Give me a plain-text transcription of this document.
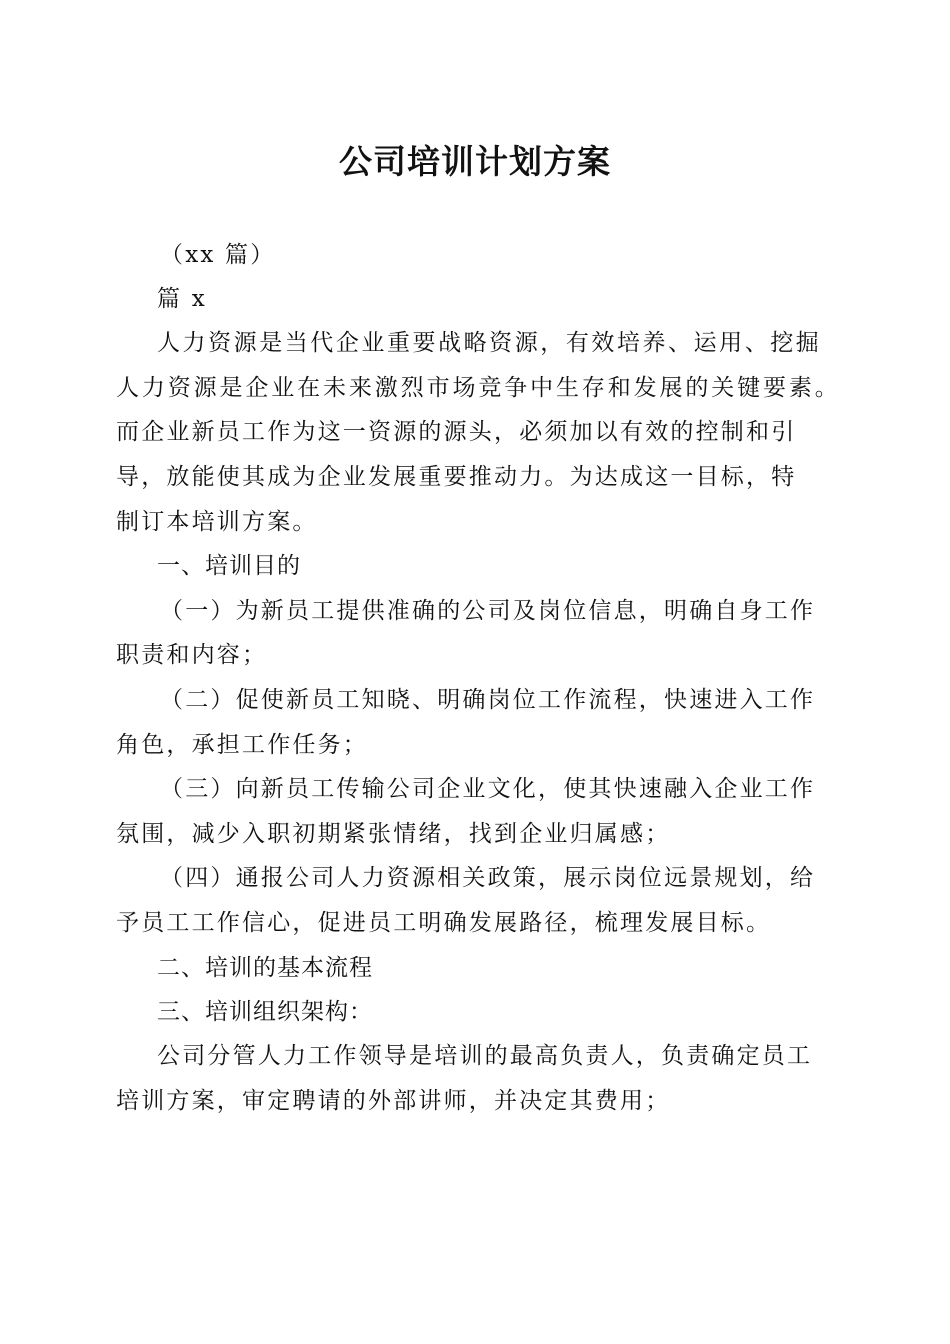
公司培训计划方案
（xx 篇）
篇 x
人力资源是当代企业重要战略资源，有效培养、运用、挖掘
人力资源是企业在未来激烈市场竞争中生存和发展的关键要素。
而企业新员工作为这一资源的源头，必须加以有效的控制和引
导，放能使其成为企业发展重要推动力。为达成这一目标，特
制订本培训方案。
一、培训目的
（一）为新员工提供准确的公司及岗位信息，明确自身工作
职责和内容；
（二）促使新员工知晓、明确岗位工作流程，快速进入工作
角色，承担工作任务；
（三）向新员工传输公司企业文化，使其快速融入企业工作
氛围，减少入职初期紧张情绪，找到企业归属感；
（四）通报公司人力资源相关政策，展示岗位远景规划，给
予员工工作信心，促进员工明确发展路径，梳理发展目标。
二、培训的基本流程
三、培训组织架构：
公司分管人力工作领导是培训的最高负责人，负责确定员工
培训方案，审定聘请的外部讲师，并决定其费用；
